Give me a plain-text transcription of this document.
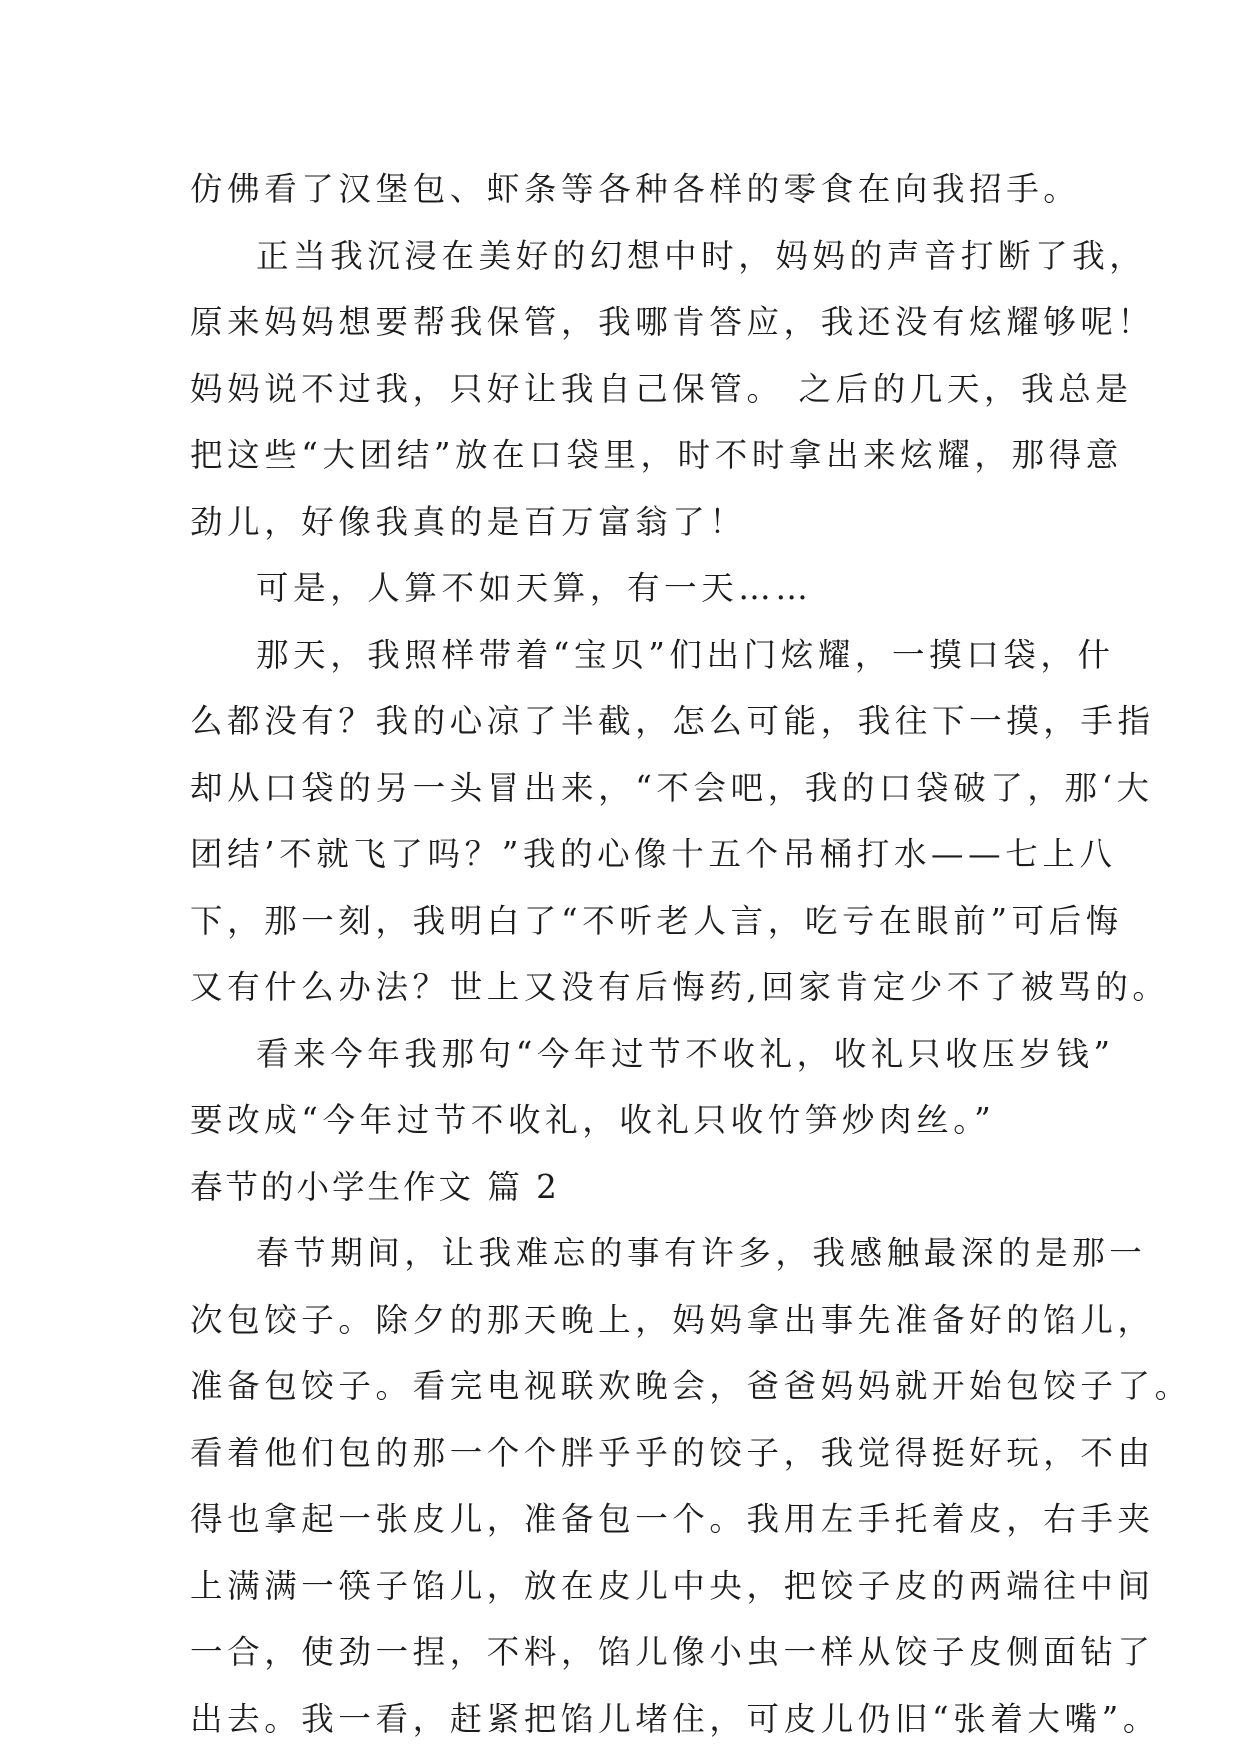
仿佛看了汉堡包、虾条等各种各样的零食在向我招手。
正当我沉浸在美好的幻想中时，妈妈的声音打断了我，
原来妈妈想要帮我保管，我哪肯答应，我还没有炫耀够呢！
妈妈说不过我，只好让我自己保管。 之后的几天，我总是
把这些“大团结”放在口袋里，时不时拿出来炫耀，那得意
劲儿，好像我真的是百万富翁了！
可是，人算不如天算，有一天……
那天，我照样带着“宝贝”们出门炫耀，一摸口袋，什
么都没有？我的心凉了半截，怎么可能，我往下一摸，手指
却从口袋的另一头冒出来，“不会吧，我的口袋破了，那‘大
团结’不就飞了吗？”我的心像十五个吊桶打水——七上八
下，那一刻，我明白了“不听老人言，吃亏在眼前”可后悔
又有什么办法？世上又没有后悔药,回家肯定少不了被骂的。
看来今年我那句“今年过节不收礼，收礼只收压岁钱”
要改成“今年过节不收礼，收礼只收竹笋炒肉丝。”
春节的小学生作文 篇 2
春节期间，让我难忘的事有许多，我感触最深的是那一
次包饺子。除夕的那天晚上，妈妈拿出事先准备好的馅儿，
准备包饺子。看完电视联欢晚会，爸爸妈妈就开始包饺子了。
看着他们包的那一个个胖乎乎的饺子，我觉得挺好玩，不由
得也拿起一张皮儿，准备包一个。我用左手托着皮，右手夹
上满满一筷子馅儿，放在皮儿中央，把饺子皮的两端往中间
一合，使劲一捏，不料，馅儿像小虫一样从饺子皮侧面钻了
出去。我一看，赶紧把馅儿堵住，可皮儿仍旧“张着大嘴”。
